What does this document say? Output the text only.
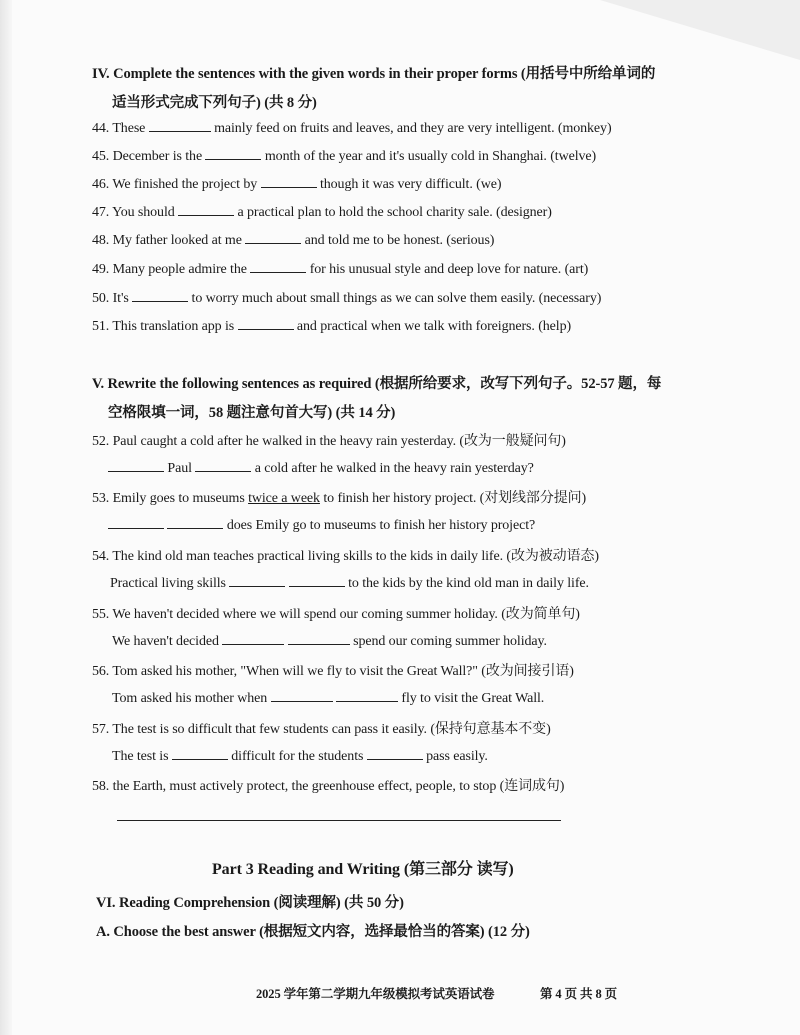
IV. Complete the sentences with the given words in their proper forms (用括号中所给单词的
适当形式完成下列句子) (共 8 分)
44. These	mainly feed on fruits and leaves, and they are very intelligent. (monkey)
45. December is the	month of the year and it's usually cold in Shanghai. (twelve)
46. We finished the project by	though it was very difficult. (we)
47. You should	a practical plan to hold the school charity sale. (designer)
48. My father looked at me	and told me to be honest. (serious)
49. Many people admire the	for his unusual style and deep love for nature. (art)
50. It's	to worry much about small things as we can solve them easily. (necessary)
51. This translation app is	and practical when we talk with foreigners. (help)
V. Rewrite the following sentences as required (根据所给要求，改写下列句子。52-57 题，每
空格限填一词，58 题注意句首大写) (共 14 分)
52. Paul caught a cold after he walked in the heavy rain yesterday. (改为一般疑问句)
Paul	a cold after he walked in the heavy rain yesterday?
53. Emily goes to museums twice a week to finish her history project. (对划线部分提问)
does Emily go to museums to finish her history project?
54. The kind old man teaches practical living skills to the kids in daily life. (改为被动语态)
Practical living skills	to the kids by the kind old man in daily life.
55. We haven't decided where we will spend our coming summer holiday. (改为简单句)
We haven't decided	spend our coming summer holiday.
56. Tom asked his mother, "When will we fly to visit the Great Wall?" (改为间接引语)
Tom asked his mother when	fly to visit the Great Wall.
57. The test is so difficult that few students can pass it easily. (保持句意基本不变)
The test is	difficult for the students	pass easily.
58. the Earth, must actively protect, the greenhouse effect, people, to stop (连词成句)
Part 3 Reading and Writing (第三部分 读写)
VI. Reading Comprehension (阅读理解) (共 50 分)
A. Choose the best answer (根据短文内容，选择最恰当的答案) (12 分)
2025 学年第二学期九年级模拟考试英语试卷	第 4 页 共 8 页
